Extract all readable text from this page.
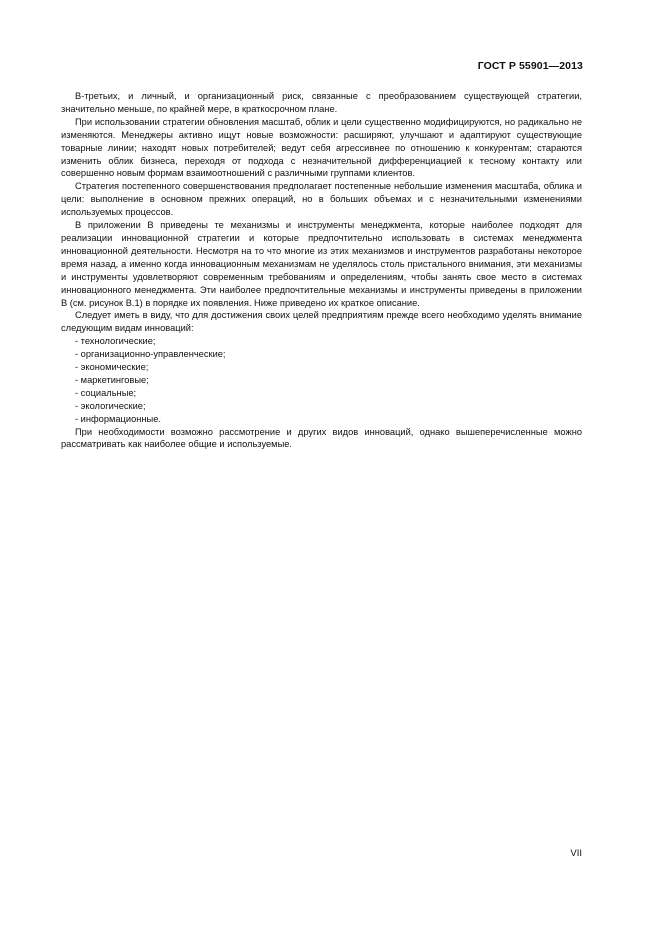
ГОСТ Р 55901—2013

В-третьих, и личный, и организационный риск, связанные с преобразованием существующей стратегии, значительно меньше, по крайней мере, в краткосрочном плане.

При использовании стратегии обновления масштаб, облик и цели существенно модифицируются, но радикально не изменяются. Менеджеры активно ищут новые возможности: расширяют, улучшают и адаптируют существующие товарные линии; находят новых потребителей; ведут себя агрессивнее по отношению к конкурентам; стараются изменить облик бизнеса, переходя от подхода с незначительной дифференциацией к тесному контакту или совершенно новым формам взаимоотношений с различными группами клиентов.

Стратегия постепенного совершенствования предполагает постепенные небольшие изменения масштаба, облика и цели: выполнение в основном прежних операций, но в больших объемах и с незначительными изменениями используемых процессов.

В приложении В приведены те механизмы и инструменты менеджмента, которые наиболее подходят для реализации инновационной стратегии и которые предпочтительно использовать в системах менеджмента инновационной деятельности. Несмотря на то что многие из этих механизмов и инструментов разработаны некоторое время назад, а именно когда инновационным механизмам не уделялось столь пристального внимания, эти механизмы и инструменты удовлетворяют современным требованиям и определениям, чтобы занять свое место в системах инновационного менеджмента. Эти наиболее предпочтительные механизмы и инструменты приведены в приложении В (см. рисунок В.1) в порядке их появления. Ниже приведено их краткое описание.

Следует иметь в виду, что для достижения своих целей предприятиям прежде всего необходимо уделять внимание следующим видам инноваций:

- технологические;
- организационно-управленческие;
- экономические;
- маркетинговые;
- социальные;
- экологические;
- информационные.

При необходимости возможно рассмотрение и других видов инноваций, однако вышеперечисленные можно рассматривать как наиболее общие и используемые.

VII
